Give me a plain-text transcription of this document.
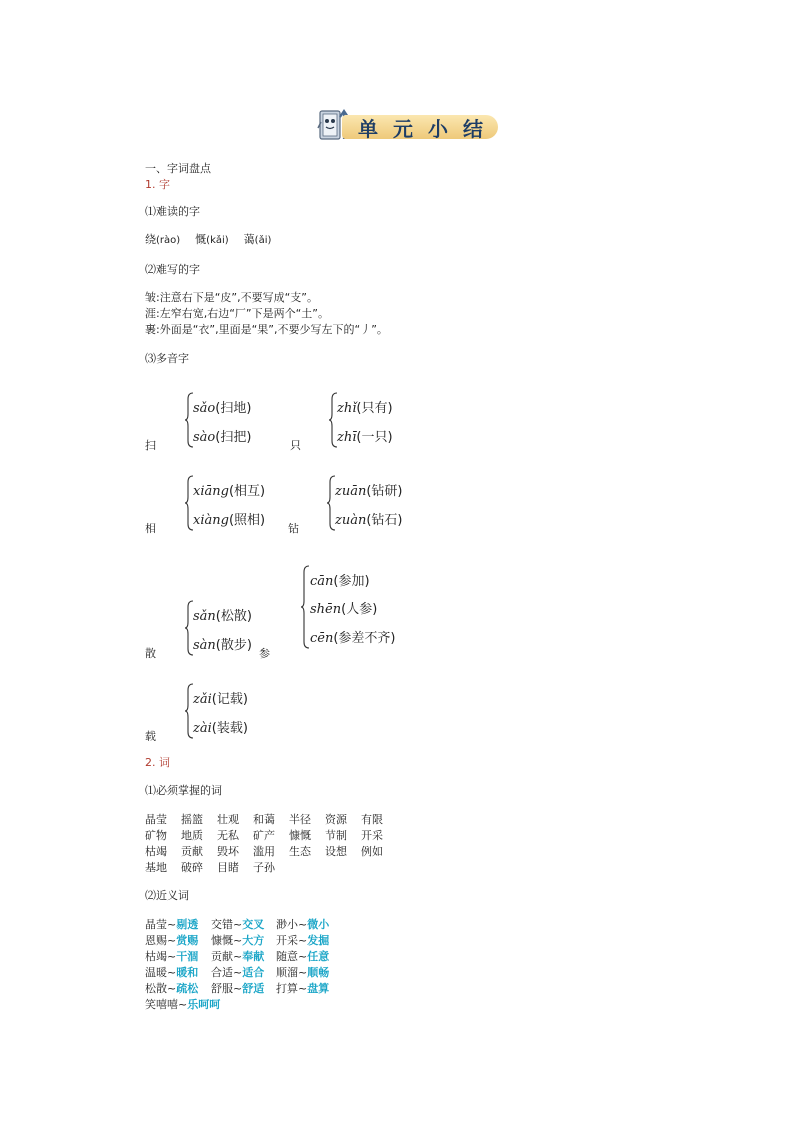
单元小结
一、字词盘点
1. 字
⑴难读的字
绕(rào) 慨(kǎi) 蔼(ǎi)
⑵难写的字
皱:注意右下是“皮”,不要写成“支”。
涯:左窄右宽,右边“厂”下是两个“土”。
裹:外面是“衣”,里面是“果”,不要少写左下的“丿”。
⑶多音字
扫
sǎo(扫地)
sào(扫把)
只
zhǐ(只有)
zhī(一只)
相
xiāng(相互)
xiàng(照相)
钻
zuān(钻研)
zuàn(钻石)
散
sǎn(松散)
sàn(散步)
参
cān(参加)
shēn(人参)
cēn(参差不齐)
载
zǎi(记载)
zài(装载)
2. 词
⑴必须掌握的词
晶莹 摇篮 壮观 和蔼 半径 资源 有限
矿物 地质 无私 矿产 慷慨 节制 开采
枯竭 贡献 毁坏 滥用 生态 设想 例如
基地 破碎 目睹 子孙
⑵近义词
晶莹~剔透 交错~交叉 渺小~微小
恩赐~赏赐 慷慨~大方 开采~发掘
枯竭~干涸 贡献~奉献 随意~任意
温暖~暖和 合适~适合 顺溜~顺畅
松散~疏松 舒服~舒适 打算~盘算
笑嘻嘻~乐呵呵
